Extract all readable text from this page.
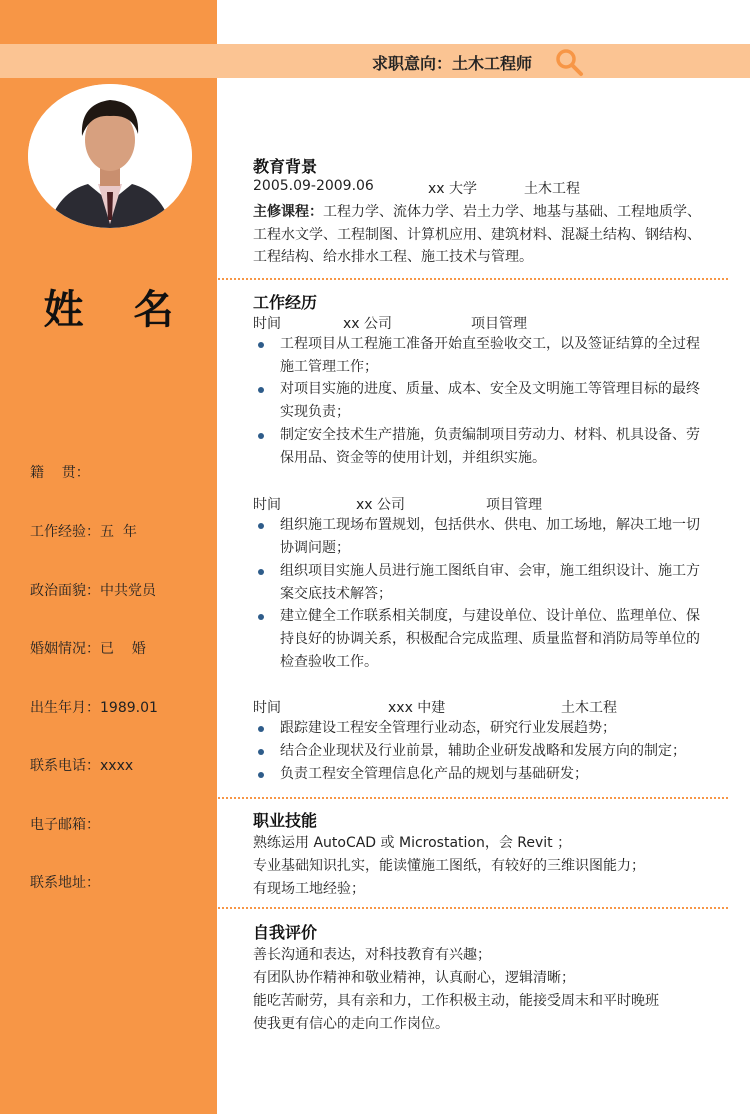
求职意向：土木工程师
姓 名
籍    贯：
工作经验：五  年
政治面貌：中共党员
婚姻情况：已    婚
出生年月：1989.01
联系电话：xxxx
电子邮箱：
联系地址：
教育背景
2005.09-2009.06	xx 大学	土木工程
主修课程：工程力学、流体力学、岩土力学、地基与基础、工程地质学、
工程水文学、工程制图、计算机应用、建筑材料、混凝土结构、钢结构、
工程结构、给水排水工程、施工技术与管理。
工作经历
时间	xx 公司	项目管理
工程项目从工程施工准备开始直至验收交工，以及签证结算的全过程施工管理工作；
对项目实施的进度、质量、成本、安全及文明施工等管理目标的最终实现负责；
制定安全技术生产措施，负责编制项目劳动力、材料、机具设备、劳保用品、资金等的使用计划，并组织实施。
时间	xx 公司	项目管理
组织施工现场布置规划，包括供水、供电、加工场地，解决工地一切协调问题；
组织项目实施人员进行施工图纸自审、会审，施工组织设计、施工方案交底技术解答；
建立健全工作联系相关制度，与建设单位、设计单位、监理单位、保持良好的协调关系，积极配合完成监理、质量监督和消防局等单位的检查验收工作。
时间	xxx 中建	土木工程
跟踪建设工程安全管理行业动态，研究行业发展趋势；
结合企业现状及行业前景，辅助企业研发战略和发展方向的制定；
负责工程安全管理信息化产品的规划与基础研发；
职业技能
熟练运用 AutoCAD 或 Microstation，会 Revit ；
专业基础知识扎实，能读懂施工图纸，有较好的三维识图能力；
有现场工地经验；
自我评价
善长沟通和表达，对科技教育有兴趣；
有团队协作精神和敬业精神，认真耐心，逻辑清晰；
能吃苦耐劳，具有亲和力，工作积极主动，能接受周末和平时晚班
使我更有信心的走向工作岗位。
